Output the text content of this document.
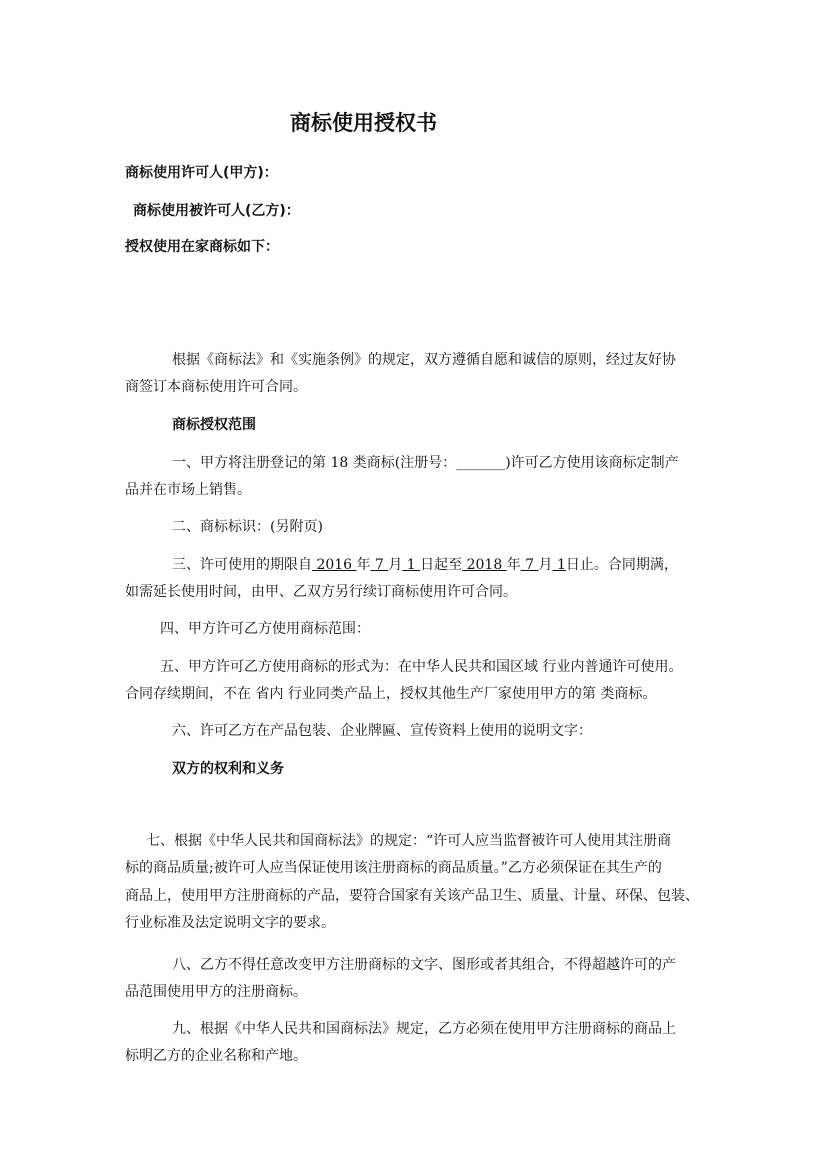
商标使用授权书
商标使用许可人(甲方)：
商标使用被许可人(乙方)：
授权使用在家商标如下：
根据《商标法》和《实施条例》的规定，双方遵循自愿和诚信的原则，经过友好协
商签订本商标使用许可合同。
商标授权范围
一、甲方将注册登记的第 18 类商标(注册号：_______)许可乙方使用该商标定制产
品并在市场上销售。
二、商标标识：(另附页)
三、许可使用的期限自 2016 年 7 月 1 日起至 2018 年 7 月 1日止。合同期满，
如需延长使用时间，由甲、乙双方另行续订商标使用许可合同。
四、甲方许可乙方使用商标范围：
五、甲方许可乙方使用商标的形式为：在中华人民共和国区域 行业内普通许可使用。
合同存续期间，不在 省内 行业同类产品上，授权其他生产厂家使用甲方的第 类商标。
六、许可乙方在产品包装、企业牌匾、宣传资料上使用的说明文字：
双方的权利和义务
七、根据《中华人民共和国商标法》的规定：“许可人应当监督被许可人使用其注册商
标的商品质量;被许可人应当保证使用该注册商标的商品质量。”乙方必须保证在其生产的
商品上，使用甲方注册商标的产品，要符合国家有关该产品卫生、质量、计量、环保、包装、
行业标准及法定说明文字的要求。
八、乙方不得任意改变甲方注册商标的文字、图形或者其组合，不得超越许可的产
品范围使用甲方的注册商标。
九、根据《中华人民共和国商标法》规定，乙方必须在使用甲方注册商标的商品上
标明乙方的企业名称和产地。
